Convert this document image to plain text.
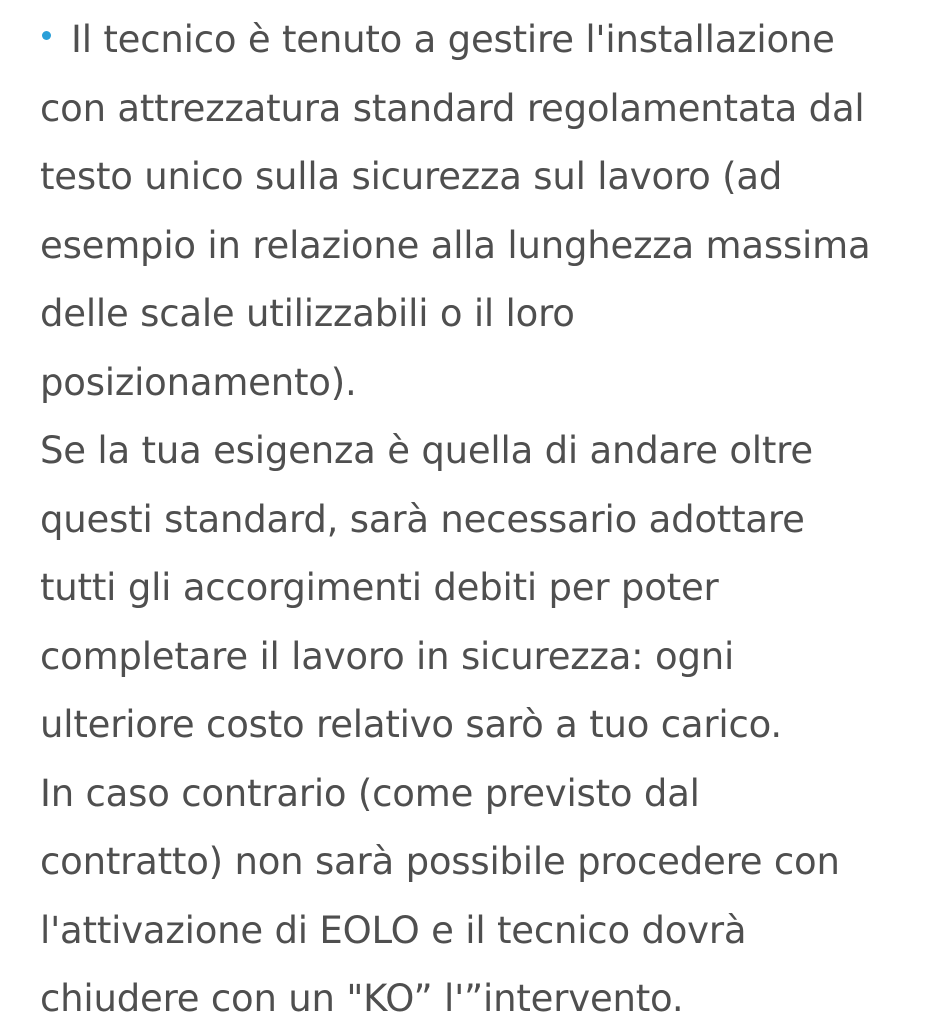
Il tecnico è tenuto a gestire l'installazione
con attrezzatura standard regolamentata dal
testo unico sulla sicurezza sul lavoro (ad
esempio in relazione alla lunghezza massima
delle scale utilizzabili o il loro
posizionamento).
Se la tua esigenza è quella di andare oltre
questi standard, sarà necessario adottare
tutti gli accorgimenti debiti per poter
completare il lavoro in sicurezza: ogni
ulteriore costo relativo sarò a tuo carico.
In caso contrario (come previsto dal
contratto) non sarà possibile procedere con
l'attivazione di EOLO e il tecnico dovrà
chiudere con un "KO” l'”intervento.
